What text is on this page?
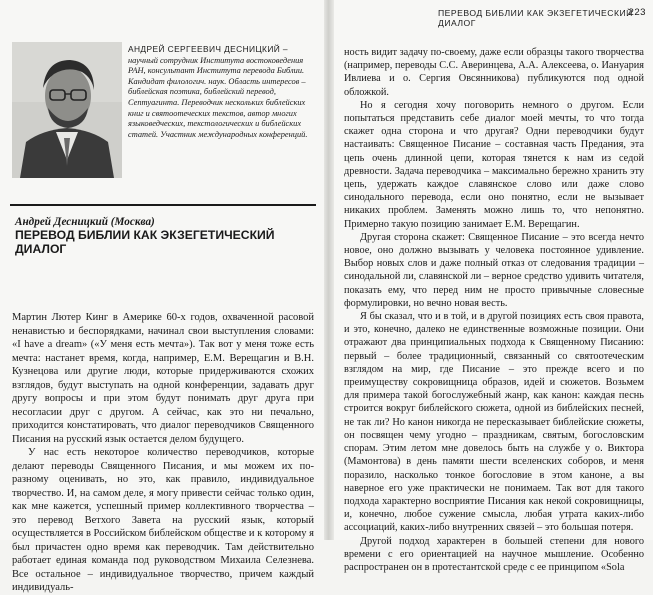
АНДРЕЙ СЕРГЕЕВИЧ ДЕСНИЦКИЙ – научный сотрудник Института востоковедения РАН, консультант Института перевода Библии. Кандидат филологич. наук. Область интересов – библейская поэтика, библейский перевод, Септуагинта. Переводчик нескольких библейских книг и святоотеческих текстов, автор многих языковедческих, текстологических и библейских статей. Участник международных конференций.
Андрей Десницкий (Москва)
ПЕРЕВОД БИБЛИИ КАК ЭКЗЕГЕТИЧЕСКИЙ ДИАЛОГ

Мартин Лютер Кинг в Америке 60-х годов, охваченной расовой ненавистью и беспорядками, начинал свои выступления словами: «I have a dream» («У меня есть мечта»). Так вот у меня тоже есть мечта: настанет время, когда, например, Е.М. Верещагин и В.Н. Кузнецова или другие люди, которые придерживаются схожих взглядов, будут выступать на одной конференции, задавать друг другу вопросы и при этом будут понимать друг друга при несогласии друг с другом. А сейчас, как это ни печально, приходится констатировать, что диалог переводчиков Священного Писания на русский язык остается делом будущего.

У нас есть некоторое количество переводчиков, которые делают переводы Священного Писания, и мы можем их по-разному оценивать, но это, как правило, индивидуальное творчество. И, на самом деле, я могу привести сейчас только один, как мне кажется, успешный пример коллективного творчества – это перевод Ветхого Завета на русский язык, который осуществляется в Российском библейском обществе и к которому я был причастен одно время как переводчик. Там действительно работает единая команда под руководством Михаила Селезнева. Все остальное – индивидуальное творчество, причем каждый индивидуаль-

ПЕРЕВОД БИБЛИИ КАК ЭКЗЕГЕТИЧЕСКИЙ ДИАЛОГ
223

ность видит задачу по-своему, даже если образцы такого творчества (например, переводы С.С. Аверинцева, А.А. Алексеева, о. Иануария Ивлиева и о. Сергия Овсянникова) публикуются под одной обложкой.

Но я сегодня хочу поговорить немного о другом. Если попытаться представить себе диалог моей мечты, то что тогда скажет одна сторона и что другая? Одни переводчики будут настаивать: Священное Писание – составная часть Предания, эта цепь очень длинной цепи, которая тянется к нам из седой древности. Задача переводчика – максимально бережно хранить эту цепь, удержать каждое славянское слово или даже слово синодального перевода, если оно понятно, если не вызывает никаких проблем. Заменять можно лишь то, что непонятно. Примерно такую позицию занимает Е.М. Верещагин.

Другая сторона скажет: Священное Писание – это всегда нечто новое, оно должно вызывать у человека постоянное удивление. Выбор новых слов и даже полный отказ от следования традиции – синодальной ли, славянской ли – верное средство удивить читателя, показать ему, что перед ним не просто привычные словесные формулировки, но вечно новая весть.

Я бы сказал, что и в той, и в другой позициях есть своя правота, и это, конечно, далеко не единственные возможные позиции. Они отражают два принципиальных подхода к Священному Писанию: первый – более традиционный, связанный со святоотеческим взглядом на мир, где Писание – это прежде всего и по преимуществу сокровищница образов, идей и сюжетов. Возьмем для примера такой богослужебный жанр, как канон: каждая песнь строится вокруг библейского сюжета, одной из библейских песней, не так ли? Но канон никогда не пересказывает библейские сюжеты, он посвящен чему угодно – праздникам, святым, богословским спорам. Этим летом мне довелось быть на службе у о. Виктора (Мамонтова) в день памяти шести вселенских соборов, и меня поразило, насколько тонкое богословие в этом каноне, а вы наверное его уже практически не понимаем. Так вот для такого подхода характерно восприятие Писания как некой сокровищницы, и, конечно, любое сужение смысла, любая утрата каких-либо ассоциаций, каких-либо внутренних связей – это большая потеря.

Другой подход характерен в большей степени для нового времени с его ориентацией на научное мышление. Особенно распространен он в протестантской среде с ее принципом «Sola
